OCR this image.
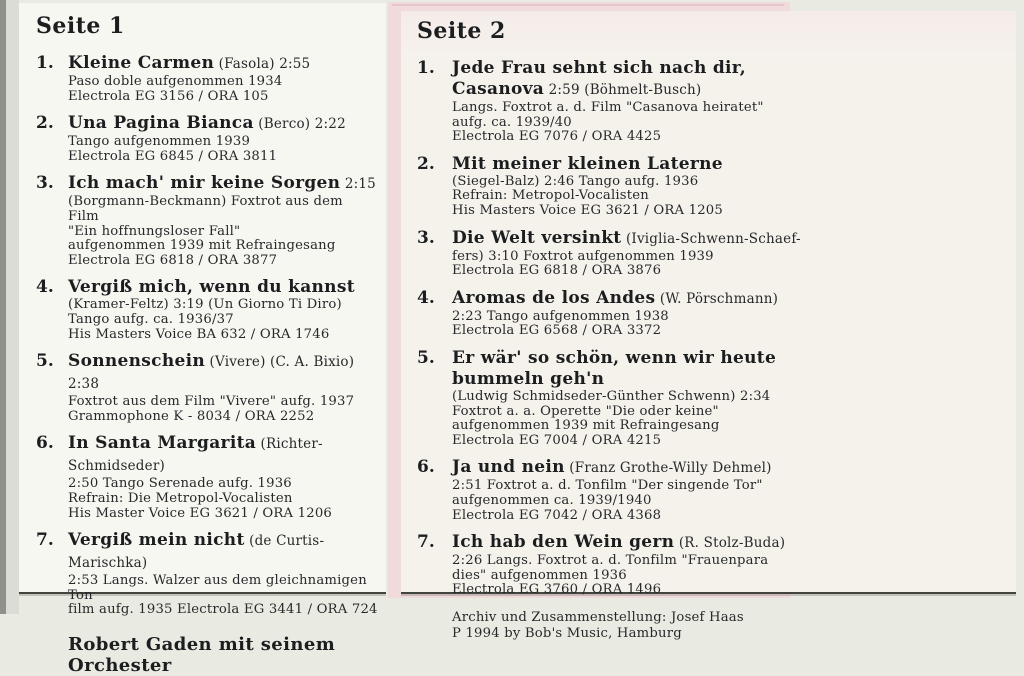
Seite 1
1. Kleine Carmen (Fasola) 2:55
Paso doble aufgenommen 1934
Electrola EG 3156 / ORA 105
2. Una Pagina Bianca (Berco) 2:22
Tango aufgenommen 1939
Electrola EG 6845 / ORA 3811
3. Ich mach' mir keine Sorgen 2:15
(Borgmann-Beckmann) Foxtrot aus dem Film
"Ein hoffnungsloser Fall"
aufgenommen 1939 mit Refraingesang
Electrola EG 6818 / ORA 3877
4. Vergiß mich, wenn du kannst
(Kramer-Feltz) 3:19 (Un Giorno Ti Diro)
Tango aufg. ca. 1936/37
His Masters Voice BA 632 / ORA 1746
5. Sonnenschein (Vivere) (C. A. Bixio) 2:38
Foxtrot aus dem Film "Vivere" aufg. 1937
Grammophone K - 8034 / ORA 2252
6. In Santa Margarita (Richter-Schmidseder)
2:50 Tango Serenade aufg. 1936
Refrain: Die Metropol-Vocalisten
His Master Voice EG 3621 / ORA 1206
7. Vergiß mein nicht (de Curtis-Marischka)
2:53 Langs. Walzer aus dem gleichnamigen Ton
film aufg. 1935 Electrola EG 3441 / ORA 724
Robert Gaden mit seinem Orchester
Seite 2
1.	Jede Frau sehnt sich nach dir,
Casanova 2:59 (Böhmelt-Busch)
Langs. Foxtrot a. d. Film "Casanova heiratet"
aufg. ca. 1939/40
Electrola EG 7076 / ORA 4425
2.	Mit meiner kleinen Laterne
(Siegel-Balz) 2:46 Tango aufg. 1936
Refrain: Metropol-Vocalisten
His Masters Voice EG 3621 / ORA 1205
3.	Die Welt versinkt (Iviglia-Schwenn-Schaef-
fers) 3:10 Foxtrot aufgenommen 1939
Electrola EG 6818 / ORA 3876
4.	Aromas de los Andes (W. Pörschmann)
2:23 Tango aufgenommen 1938
Electrola EG 6568 / ORA 3372
5.	Er wär' so schön, wenn wir heute
bummeln geh'n
(Ludwig Schmidseder-Günther Schwenn) 2:34
Foxtrot a. a. Operette "Die oder keine"
aufgenommen 1939 mit Refraingesang
Electrola EG 7004 / ORA 4215
6.	Ja und nein (Franz Grothe-Willy Dehmel)
2:51 Foxtrot a. d. Tonfilm "Der singende Tor"
aufgenommen ca. 1939/1940
Electrola EG 7042 / ORA 4368
7.	Ich hab den Wein gern (R. Stolz-Buda)
2:26 Langs. Foxtrot a. d. Tonfilm "Frauenpara
dies" aufgenommen 1936
Electrola EG 3760 / ORA 1496
Archiv und Zusammenstellung: Josef Haas
P 1994 by Bob's Music, Hamburg
